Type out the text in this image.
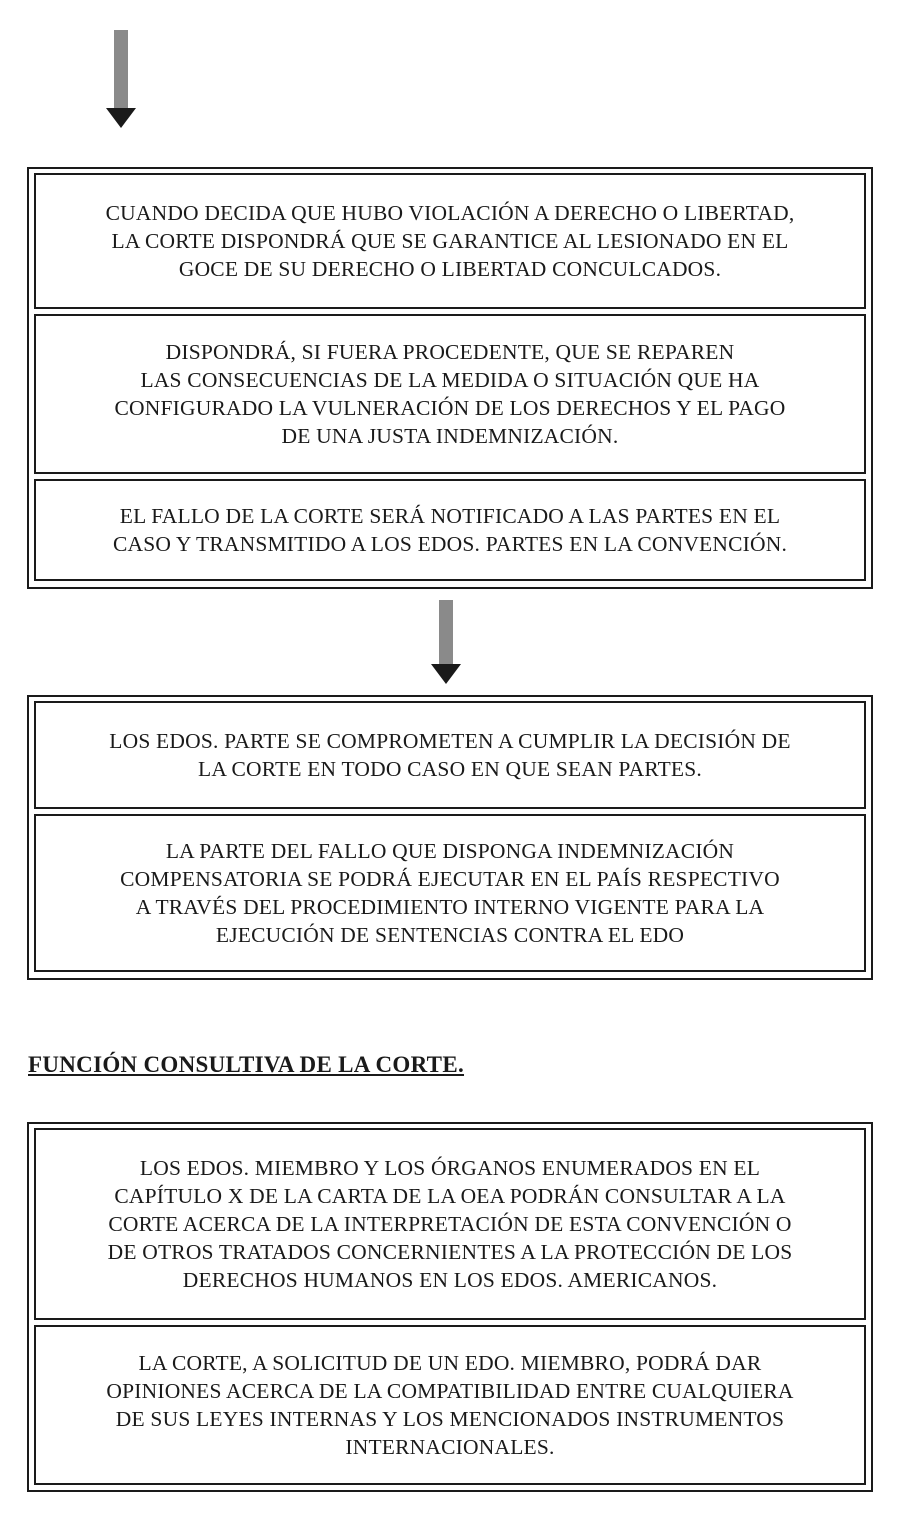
CUANDO DECIDA QUE HUBO VIOLACIÓN A DERECHO O LIBERTAD,
LA CORTE DISPONDRÁ QUE SE GARANTICE AL LESIONADO EN EL
GOCE DE SU DERECHO O LIBERTAD CONCULCADOS.
DISPONDRÁ, SI FUERA PROCEDENTE, QUE SE REPAREN
LAS CONSECUENCIAS DE LA MEDIDA O SITUACIÓN QUE HA
CONFIGURADO LA VULNERACIÓN DE LOS DERECHOS Y EL PAGO
DE UNA JUSTA INDEMNIZACIÓN.
EL FALLO DE LA CORTE SERÁ NOTIFICADO A LAS PARTES EN EL
CASO Y TRANSMITIDO A LOS EDOS. PARTES EN LA CONVENCIÓN.
LOS EDOS. PARTE SE COMPROMETEN A CUMPLIR LA DECISIÓN DE
LA CORTE EN TODO CASO EN QUE SEAN PARTES.
LA PARTE DEL FALLO QUE DISPONGA INDEMNIZACIÓN
COMPENSATORIA SE PODRÁ EJECUTAR EN EL PAÍS RESPECTIVO
A TRAVÉS DEL PROCEDIMIENTO INTERNO VIGENTE PARA LA
EJECUCIÓN DE SENTENCIAS CONTRA EL EDO
FUNCIÓN CONSULTIVA DE LA CORTE.
LOS EDOS. MIEMBRO Y LOS ÓRGANOS ENUMERADOS EN EL
CAPÍTULO X DE LA CARTA DE LA OEA PODRÁN CONSULTAR A LA
CORTE ACERCA DE LA INTERPRETACIÓN DE ESTA CONVENCIÓN O
DE OTROS TRATADOS CONCERNIENTES A LA PROTECCIÓN DE LOS
DERECHOS HUMANOS EN LOS EDOS. AMERICANOS.
LA CORTE, A SOLICITUD DE UN EDO. MIEMBRO, PODRÁ DAR
OPINIONES ACERCA DE LA COMPATIBILIDAD ENTRE CUALQUIERA
DE SUS LEYES INTERNAS Y LOS MENCIONADOS INSTRUMENTOS
INTERNACIONALES.
